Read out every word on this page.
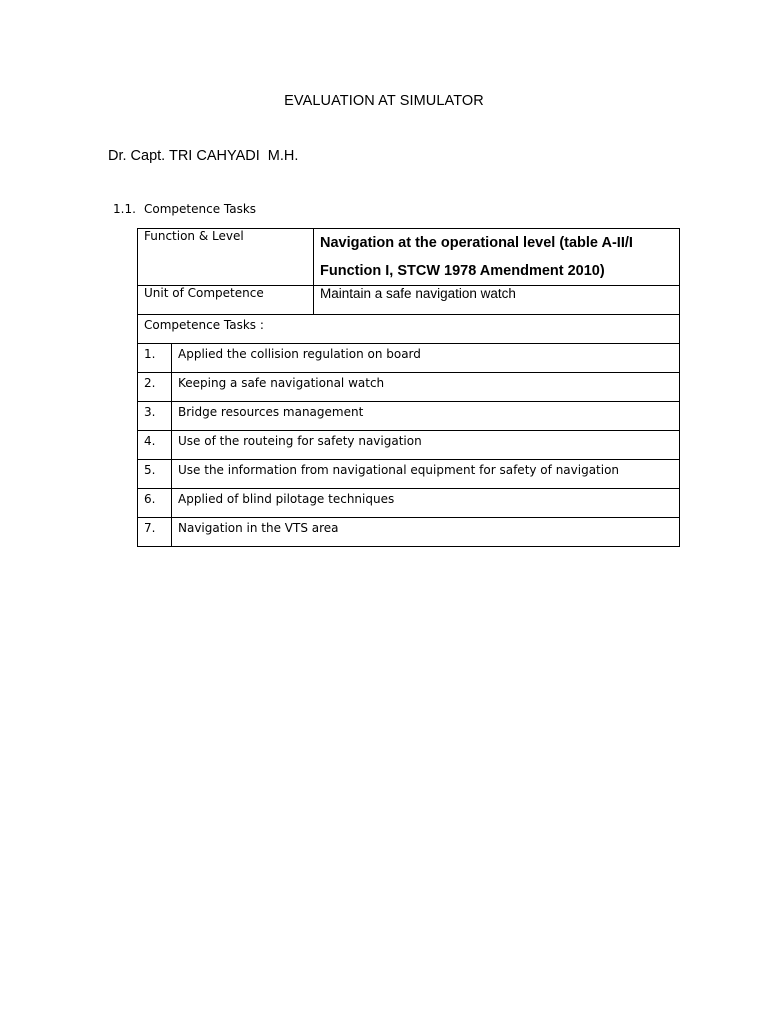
EVALUATION AT SIMULATOR
Dr. Capt. TRI CAHYADI  M.H.
1.1. Competence Tasks
Function & Level		Navigation at the operational level (table A-II/I
Function I, STCW 1978 Amendment 2010)
Unit of Competence		Maintain a safe navigation watch
Competence Tasks :		
1.	Applied the collision regulation on board	
2.	Keeping a safe navigational watch	
3.	Bridge resources management	
4.	Use of the routeing for safety navigation	
5.	Use the information from navigational equipment for safety of navigation	
6.	Applied of blind pilotage techniques	
7.	Navigation in the VTS area	
